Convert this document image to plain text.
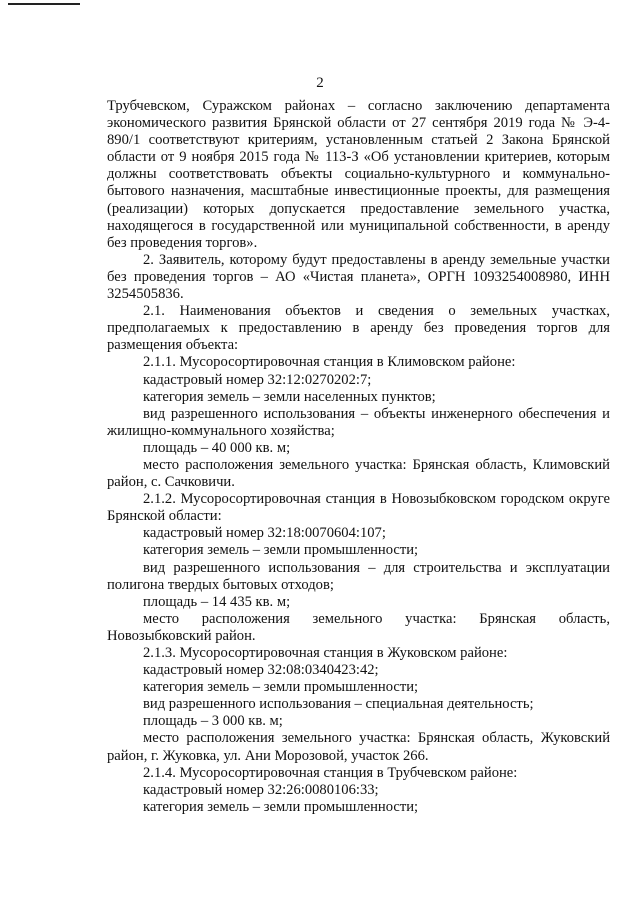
2

Трубчевском, Суражском районах – согласно заключению департамента экономического развития Брянской области от 27 сентября 2019 года № Э-4-890/1 соответствуют критериям, установленным статьей 2 Закона Брянской области от 9 ноября 2015 года № 113-З «Об установлении критериев, которым должны соответствовать объекты социально-культурного и коммунально-бытового назначения, масштабные инвестиционные проекты, для размещения (реализации) которых допускается предоставление земельного участка, находящегося в государственной или муниципальной собственности, в аренду без проведения торгов».

2. Заявитель, которому будут предоставлены в аренду земельные участки без проведения торгов – АО «Чистая планета», ОРГН 1093254008980, ИНН 3254505836.

2.1. Наименования объектов и сведения о земельных участках, предполагаемых к предоставлению в аренду без проведения торгов для размещения объекта:

2.1.1. Мусоросортировочная станция в Климовском районе:

кадастровый номер 32:12:0270202:7;

категория земель – земли населенных пунктов;

вид разрешенного использования – объекты инженерного обеспечения и жилищно-коммунального хозяйства;

площадь – 40 000 кв. м;

место расположения земельного участка: Брянская область, Климовский район, с. Сачковичи.

2.1.2. Мусоросортировочная станция в Новозыбковском городском округе Брянской области:

кадастровый номер 32:18:0070604:107;

категория земель – земли промышленности;

вид разрешенного использования – для строительства и эксплуатации полигона твердых бытовых отходов;

площадь – 14 435 кв. м;

место расположения земельного участка: Брянская область, Новозыбковский район.

2.1.3. Мусоросортировочная станция в Жуковском районе:

кадастровый номер 32:08:0340423:42;

категория земель – земли промышленности;

вид разрешенного использования – специальная деятельность;

площадь – 3 000 кв. м;

место расположения земельного участка: Брянская область, Жуковский район, г. Жуковка, ул. Ани Морозовой, участок 266.

2.1.4. Мусоросортировочная станция в Трубчевском районе:

кадастровый номер 32:26:0080106:33;

категория земель – земли промышленности;
